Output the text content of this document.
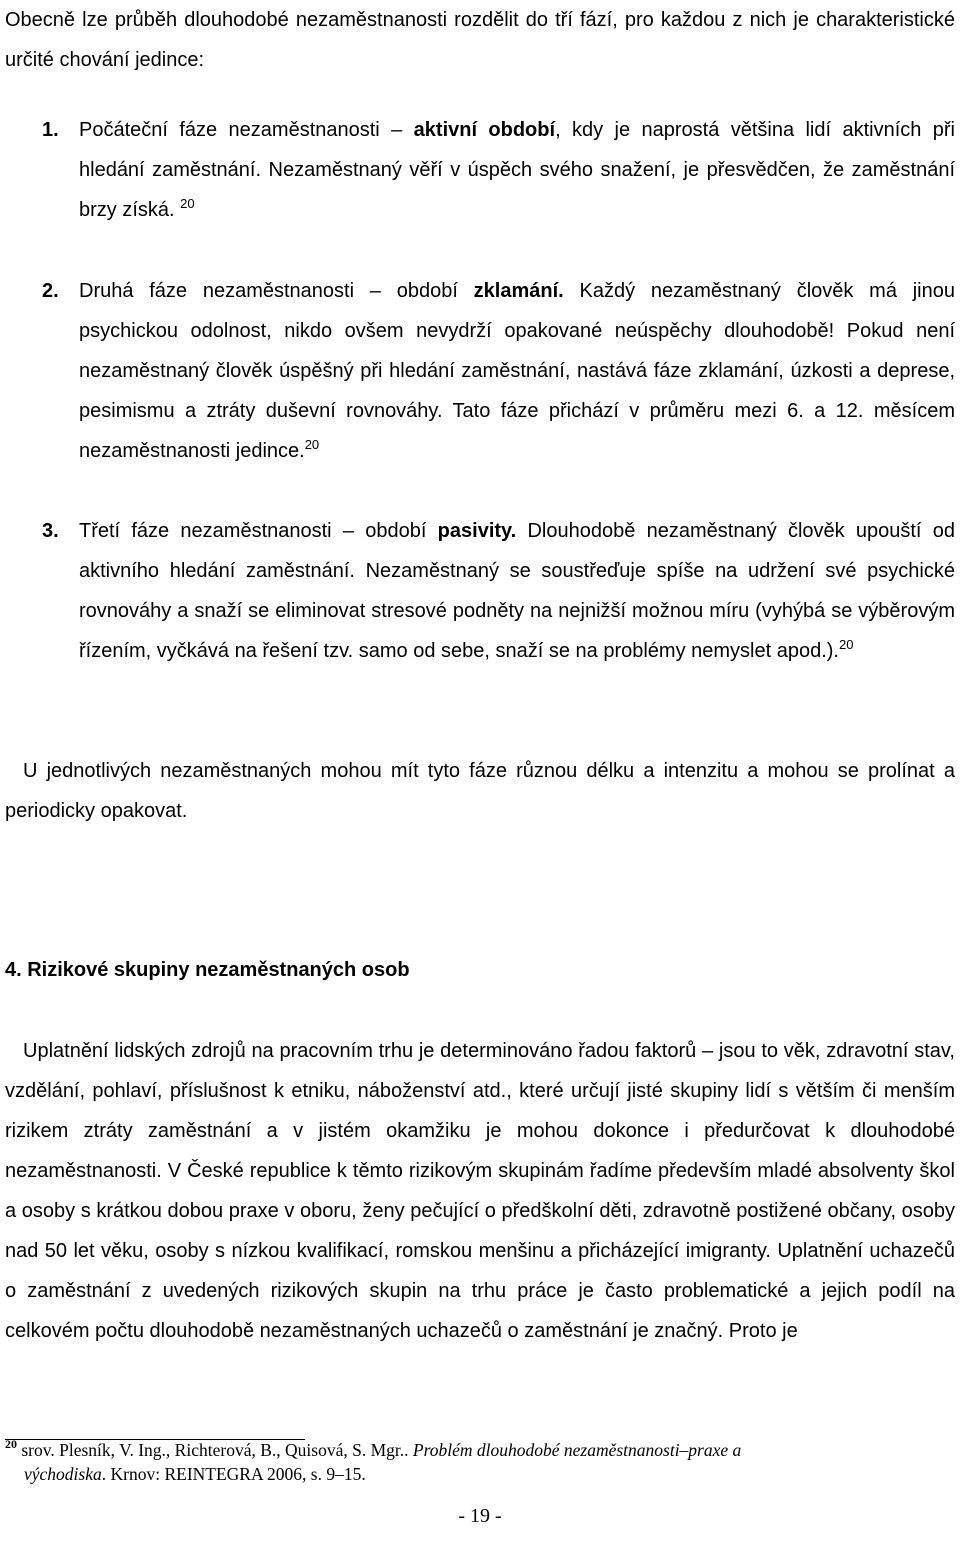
Obecně lze průběh dlouhodobé nezaměstnanosti rozdělit do tří fází, pro každou z nich je charakteristické určité chování jedince:

1. Počáteční fáze nezaměstnanosti – aktivní období, kdy je naprostá většina lidí aktivních při hledání zaměstnání. Nezaměstnaný věří v úspěch svého snažení, je přesvědčen, že zaměstnání brzy získá. $^{20}$

2. Druhá fáze nezaměstnanosti – období zklamání. Každý nezaměstnaný člověk má jinou psychickou odolnost, nikdo ovšem nevydrží opakované neúspěchy dlouhodobě! Pokud není nezaměstnaný člověk úspěšný při hledání zaměstnání, nastává fáze zklamání, úzkosti a deprese, pesimismu a ztráty duševní rovnováhy. Tato fáze přichází v průměru mezi 6. a 12. měsícem nezaměstnanosti jedince.$^{20}$

3. Třetí fáze nezaměstnanosti – období pasivity. Dlouhodobě nezaměstnaný člověk upouští od aktivního hledání zaměstnání. Nezaměstnaný se soustřeďuje spíše na udržení své psychické rovnováhy a snaží se eliminovat stresové podněty na nejnižší možnou míru (vyhýbá se výběrovým řízením, vyčkává na řešení tzv. samo od sebe, snaží se na problémy nemyslet apod.).$^{20}$

U jednotlivých nezaměstnaných mohou mít tyto fáze různou délku a intenzitu a mohou se prolínat a periodicky opakovat.

4. Rizikové skupiny nezaměstnaných osob

Uplatnění lidských zdrojů na pracovním trhu je determinováno řadou faktorů – jsou to věk, zdravotní stav, vzdělání, pohlaví, příslušnost k etniku, náboženství atd., které určují jisté skupiny lidí s větším či menším rizikem ztráty zaměstnání a v jistém okamžiku je mohou dokonce i předurčovat k dlouhodobé nezaměstnanosti. V České republice k těmto rizikovým skupinám řadíme především mladé absolventy škol a osoby s krátkou dobou praxe v oboru, ženy pečující o předškolní děti, zdravotně postižené občany, osoby nad 50 let věku, osoby s nízkou kvalifikací, romskou menšinu a přicházející imigranty. Uplatnění uchazečů o zaměstnání z uvedených rizikových skupin na trhu práce je často problematické a jejich podíl na celkovém počtu dlouhodobě nezaměstnaných uchazečů o zaměstnání je značný. Proto je

$^{20}$ srov. Plesník, V. Ing., Richterová, B., Quisová, S. Mgr.. Problém dlouhodobé nezaměstnanosti–praxe a
východiska. Krnov: REINTEGRA 2006, s. 9–15.
- 19 -
